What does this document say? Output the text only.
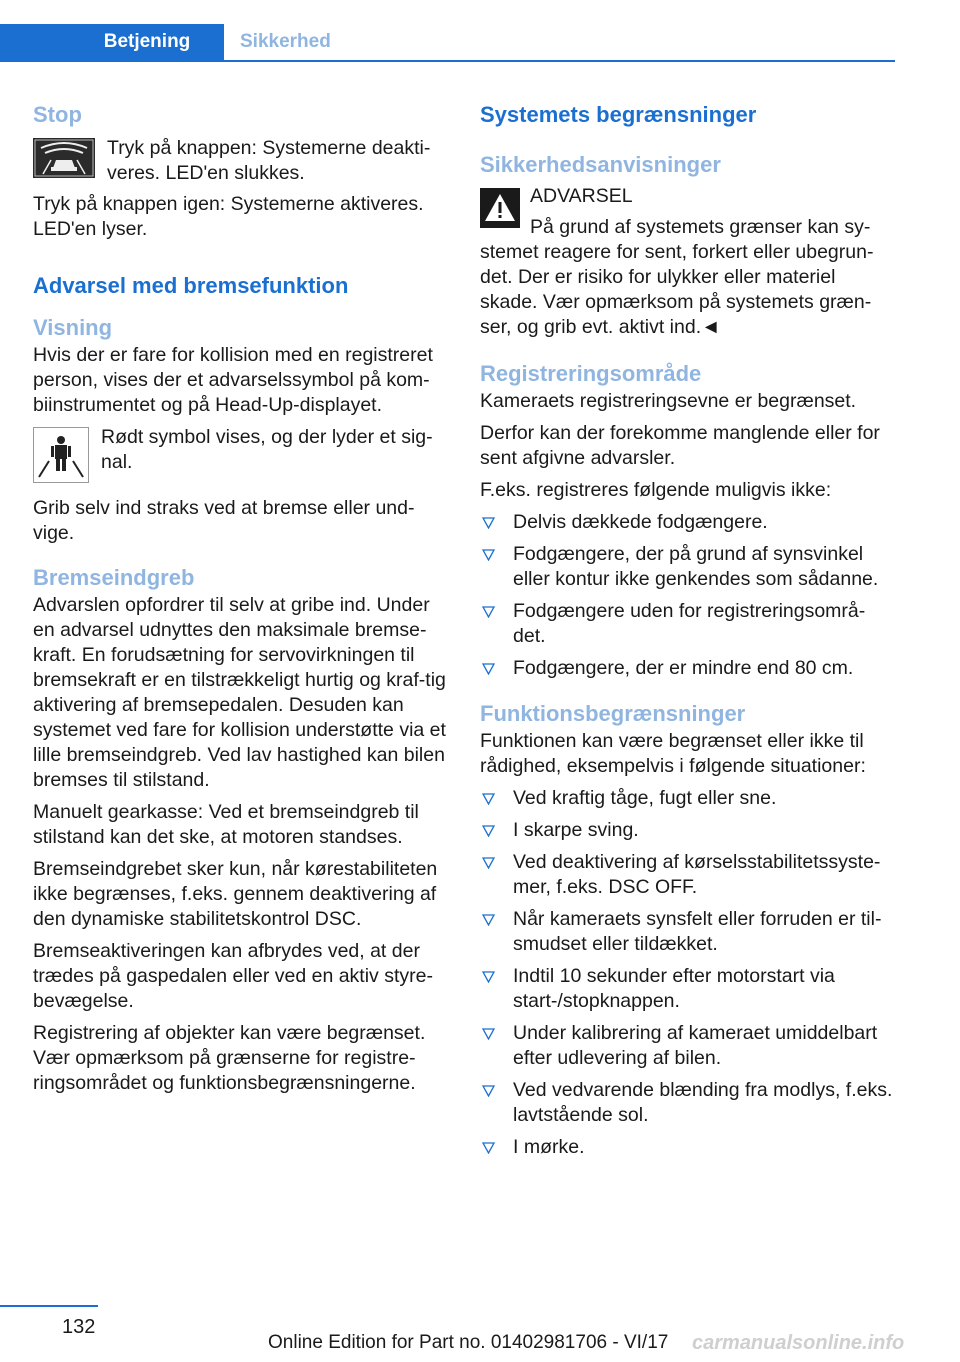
Betjening	Sikkerhed
Stop
Tryk på knappen: Systemerne deakti-veres. LED'en slukkes.

Tryk på knappen igen: Systemerne aktiveres. LED'en lyser.

Advarsel med bremsefunktion
Visning

Hvis der er fare for kollision med en registreret person, vises der et advarselssymbol på kom-biinstrumentet og på Head-Up-displayet.

Rødt symbol vises, og der lyder et sig-nal.

Grib selv ind straks ved at bremse eller und-vige.

Bremseindgreb

Advarslen opfordrer til selv at gribe ind. Under en advarsel udnyttes den maksimale bremse-kraft. En forudsætning for servovirkningen til bremsekraft er en tilstrækkeligt hurtig og kraf-tig aktivering af bremsepedalen. Desuden kan systemet ved fare for kollision understøtte via et lille bremseindgreb. Ved lav hastighed kan bilen bremses til stilstand.

Manuelt gearkasse: Ved et bremseindgreb til stilstand kan det ske, at motoren standses.

Bremseindgrebet sker kun, når kørestabiliteten ikke begrænses, f.eks. gennem deaktivering af den dynamiske stabilitetskontrol DSC.

Bremseaktiveringen kan afbrydes ved, at der trædes på gaspedalen eller ved en aktiv styre-bevægelse.

Registrering af objekter kan være begrænset. Vær opmærksom på grænserne for registre-ringsområdet og funktionsbegrænsningerne.

Systemets begrænsninger
Sikkerhedsanvisninger
ADVARSEL

På grund af systemets grænser kan sy-stemet reagere for sent, forkert eller ubegrun-det. Der er risiko for ulykker eller materiel skade. Vær opmærksom på systemets græn-ser, og grib evt. aktivt ind.◄

Registreringsområde

Kameraets registreringsevne er begrænset.

Derfor kan der forekomme manglende eller for sent afgivne advarsler.

F.eks. registreres følgende muligvis ikke:

Delvis dækkede fodgængere.
Fodgængere, der på grund af synsvinkel eller kontur ikke genkendes som sådanne.
Fodgængere uden for registreringsområ-det.
Fodgængere, der er mindre end 80 cm.
Funktionsbegrænsninger

Funktionen kan være begrænset eller ikke til rådighed, eksempelvis i følgende situationer:

Ved kraftig tåge, fugt eller sne.
I skarpe sving.
Ved deaktivering af kørselsstabilitetssyste-mer, f.eks. DSC OFF.
Når kameraets synsfelt eller forruden er til-smudset eller tildækket.
Indtil 10 sekunder efter motorstart via start-/stopknappen.
Under kalibrering af kameraet umiddelbart efter udlevering af bilen.
Ved vedvarende blænding fra modlys, f.eks. lavtstående sol.
I mørke.
132
Online Edition for Part no. 01402981706 - VI/17 carmanualsonline.info
